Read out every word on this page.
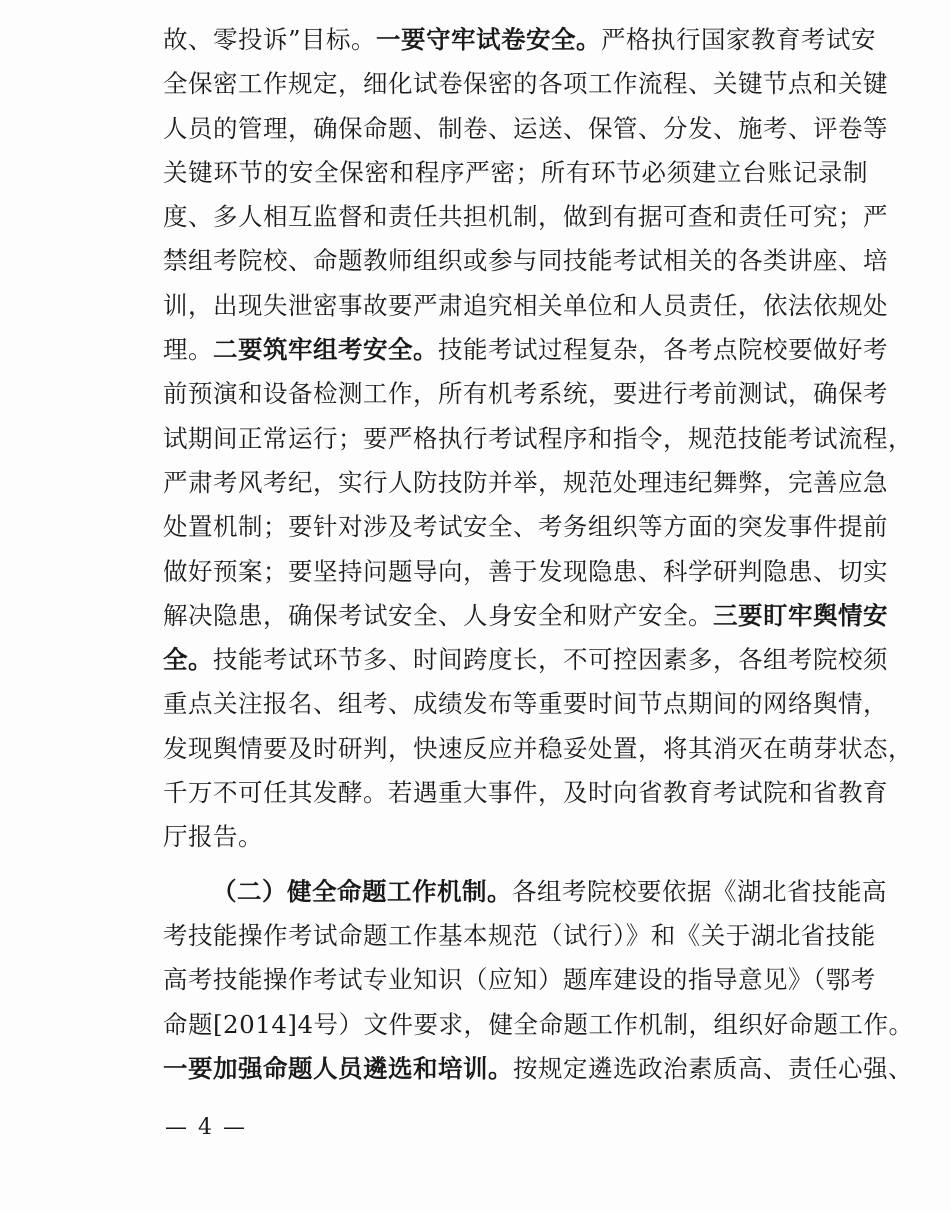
故、零投诉”目标。一要守牢试卷安全。严格执行国家教育考试安
全保密工作规定，细化试卷保密的各项工作流程、关键节点和关键
人员的管理，确保命题、制卷、运送、保管、分发、施考、评卷等
关键环节的安全保密和程序严密；所有环节必须建立台账记录制
度、多人相互监督和责任共担机制，做到有据可查和责任可究；严
禁组考院校、命题教师组织或参与同技能考试相关的各类讲座、培
训，出现失泄密事故要严肃追究相关单位和人员责任，依法依规处
理。二要筑牢组考安全。技能考试过程复杂，各考点院校要做好考
前预演和设备检测工作，所有机考系统，要进行考前测试，确保考
试期间正常运行；要严格执行考试程序和指令，规范技能考试流程，
严肃考风考纪，实行人防技防并举，规范处理违纪舞弊，完善应急
处置机制；要针对涉及考试安全、考务组织等方面的突发事件提前
做好预案；要坚持问题导向，善于发现隐患、科学研判隐患、切实
解决隐患，确保考试安全、人身安全和财产安全。三要盯牢舆情安
全。技能考试环节多、时间跨度长，不可控因素多，各组考院校须
重点关注报名、组考、成绩发布等重要时间节点期间的网络舆情，
发现舆情要及时研判，快速反应并稳妥处置，将其消灭在萌芽状态，
千万不可任其发酵。若遇重大事件，及时向省教育考试院和省教育
厅报告。
（二）健全命题工作机制。各组考院校要依据《湖北省技能高
考技能操作考试命题工作基本规范（试行）》和《关于湖北省技能
高考技能操作考试专业知识（应知）题库建设的指导意见》（鄂考
命题[2014]4号）文件要求，健全命题工作机制，组织好命题工作。
一要加强命题人员遴选和培训。按规定遴选政治素质高、责任心强、
— 4 —
